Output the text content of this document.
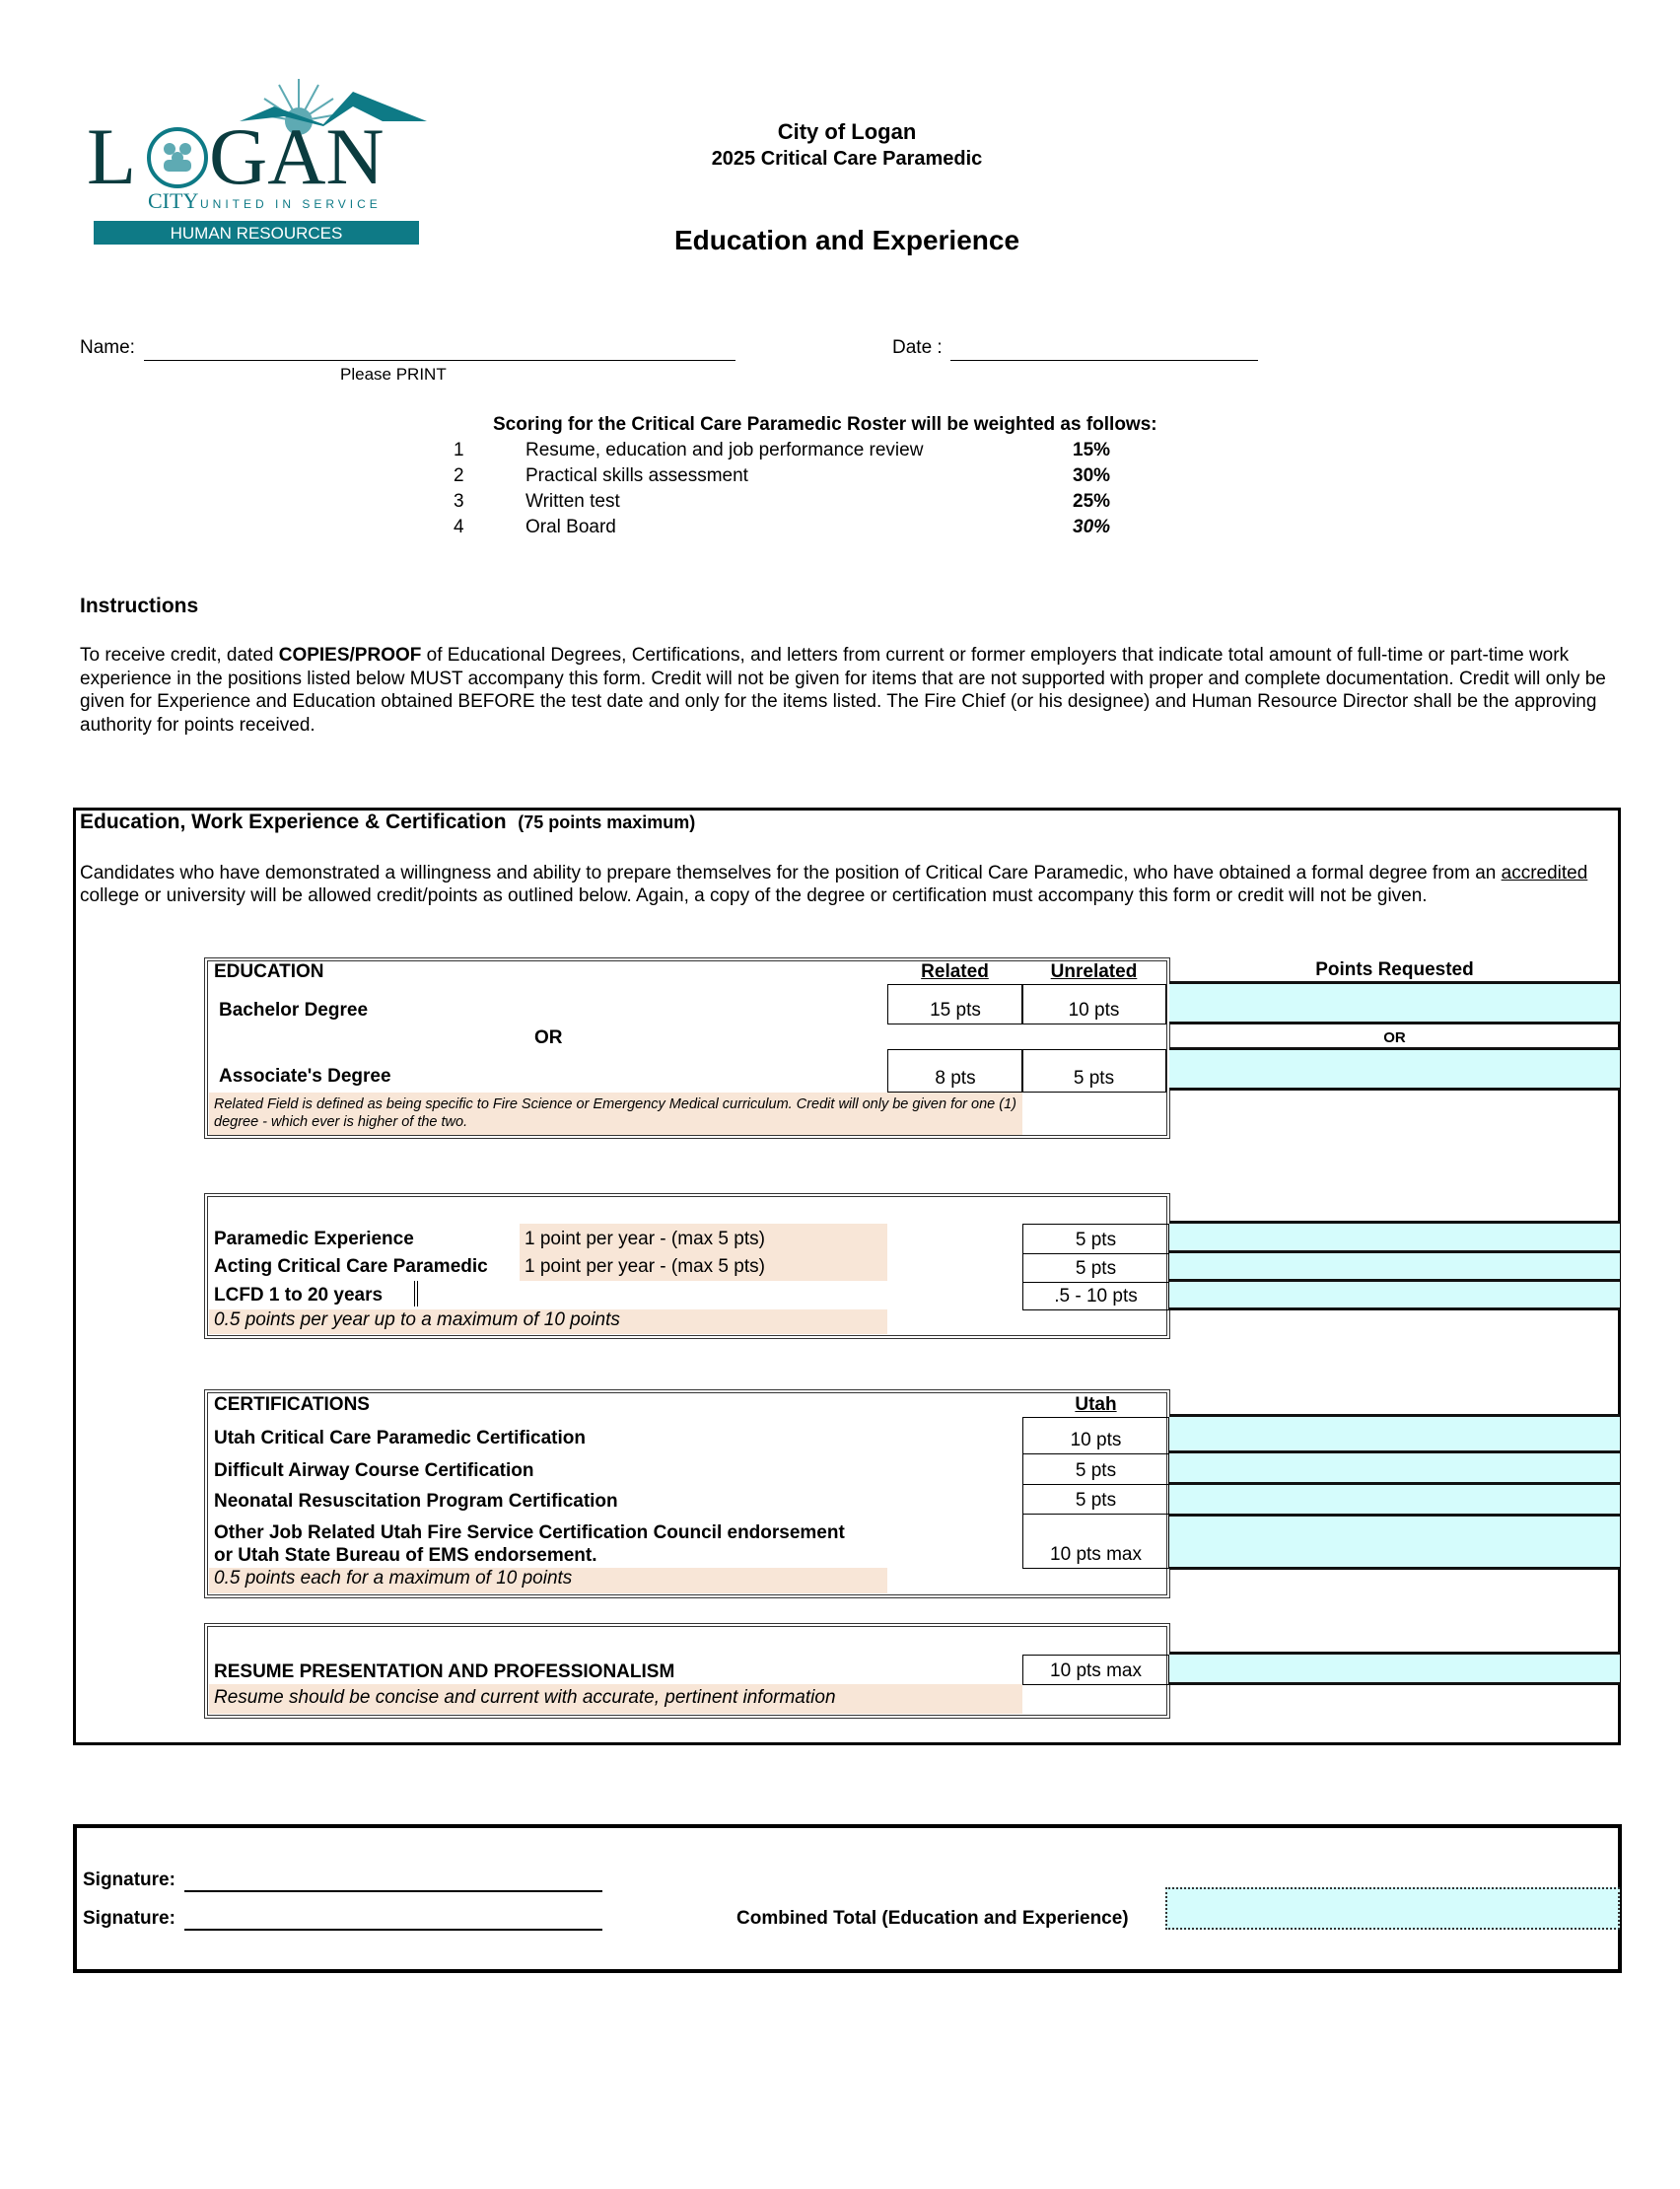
L GAN
CITY UNITED IN SERVICE
HUMAN RESOURCES
City of Logan
2025 Critical Care Paramedic
Education and Experience
Name:
Please PRINT
Date :
Scoring for the Critical Care Paramedic Roster will be weighted as follows:
1	Resume, education and job performance review	15%
2	Practical skills assessment	30%
3	Written test	25%
4	Oral Board	30%
Instructions
To receive credit, dated COPIES/PROOF of Educational Degrees, Certifications, and letters from current or former employers that indicate total amount of full-time or part-time work experience in the positions listed below MUST accompany this form. Credit will not be given for items that are not supported with proper and complete documentation. Credit will only be given for Experience and Education obtained BEFORE the test date and only for the items listed. The Fire Chief (or his designee) and Human Resource Director shall be the approving authority for points received.
Education, Work Experience & Certification (75 points maximum)
Candidates who have demonstrated a willingness and ability to prepare themselves for the position of Critical Care Paramedic, who have obtained a formal degree from an accredited college or university will be allowed credit/points as outlined below. Again, a copy of the degree or certification must accompany this form or credit will not be given.
EDUCATION	Related	Unrelated
Bachelor Degree	15 pts	10 pts
OR
Associate's Degree	8 pts	5 pts
Related Field is defined as being specific to Fire Science or Emergency Medical curriculum. Credit will only be given for one (1) degree - which ever is higher of the two.
Points Requested
OR
Paramedic Experience	1 point per year - (max 5 pts)	5 pts
Acting Critical Care Paramedic 1 point per year - (max 5 pts)	5 pts
LCFD 1 to 20 years	.5 - 10 pts
0.5 points per year up to a maximum of 10 points
CERTIFICATIONS	Utah
Utah Critical Care Paramedic Certification	10 pts
Difficult Airway Course Certification	5 pts
Neonatal Resuscitation Program Certification	5 pts
Other Job Related Utah Fire Service Certification Council endorsement
or Utah State Bureau of EMS endorsement.	10 pts max
0.5 points each for a maximum of 10 points
RESUME PRESENTATION AND PROFESSIONALISM	10 pts max
Resume should be concise and current with accurate, pertinent information
Signature:
Signature:	Combined Total (Education and Experience)
